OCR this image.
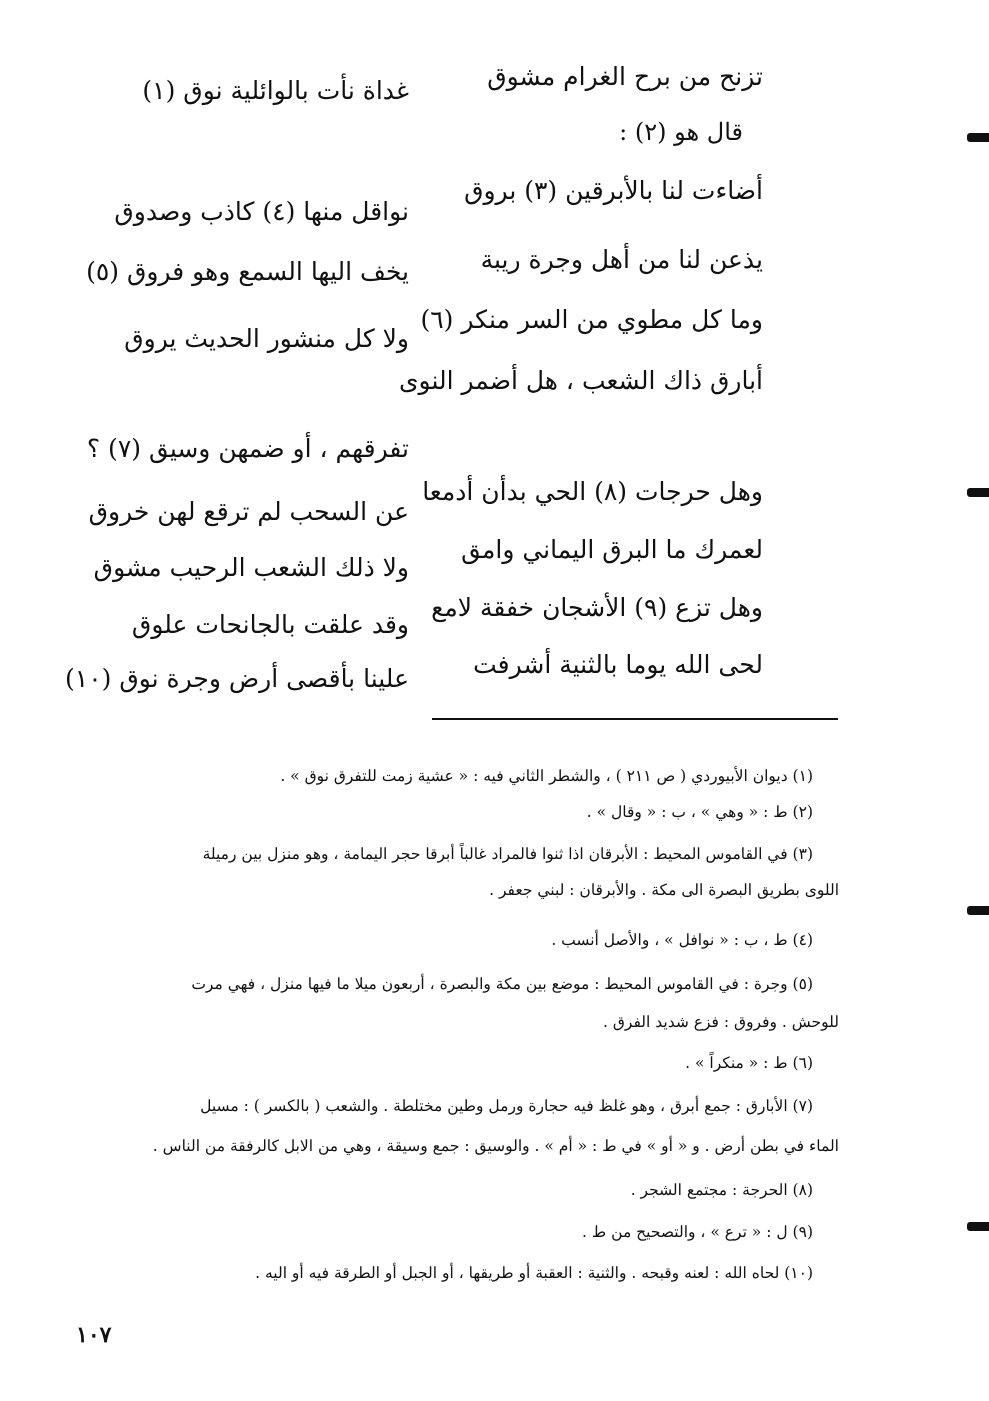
تزنح من برح الغرام مشوق
غداة نأت بالوائلية نوق (١)
قال هو (٢) :
أضاءت لنا بالأبرقين (٣) بروق
نواقل منها (٤) كاذب وصدوق
يذعن لنا من أهل وجرة ريبة
يخف اليها السمع وهو فروق (٥)
وما كل مطوي من السر منكر (٦)
ولا كل منشور الحديث يروق
أبارق ذاك الشعب ، هل أضمر النوى
تفرقهم ، أو ضمهن وسيق (٧) ؟
وهل حرجات (٨) الحي بدأن أدمعا
عن السحب لم ترقع لهن خروق
لعمرك ما البرق اليماني وامق
ولا ذلك الشعب الرحيب مشوق
وهل تزع (٩) الأشجان خفقة لامع
وقد علقت بالجانحات علوق
لحى الله يوما بالثنية أشرفت
علينا بأقصى أرض وجرة نوق (١٠)
(١) ديوان الأبيوردي ( ص ٢١١ ) ، والشطر الثاني فيه : « عشية زمت للتفرق نوق » .
(٢) ط : « وهي » ، ب : « وقال » .
(٣) في القاموس المحيط : الأبرقان اذا ثنوا فالمراد غالباً أبرقا حجر اليمامة ، وهو منزل بين رميلة
اللوى بطريق البصرة الى مكة . والأبرقان : لبني جعفر .
(٤) ط ، ب : « نوافل » ، والأصل أنسب .
(٥) وجرة : في القاموس المحيط : موضع بين مكة والبصرة ، أربعون ميلا ما فيها منزل ، فهي مرت
للوحش . وفروق : فزع شديد الفرق .
(٦) ط : « منكراً » .
(٧) الأبارق : جمع أبرق ، وهو غلظ فيه حجارة ورمل وطين مختلطة . والشعب ( بالكسر ) : مسيل
الماء في بطن أرض . و « أو » في ط : « أم » . والوسيق : جمع وسيقة ، وهي من الابل كالرفقة من الناس .
(٨) الحرجة : مجتمع الشجر .
(٩) ل : « ترع » ، والتصحيح من ط .
(١٠) لحاه الله : لعنه وقبحه . والثنية : العقبة أو طريقها ، أو الجبل أو الطرقة فيه أو اليه .
١٠٧
